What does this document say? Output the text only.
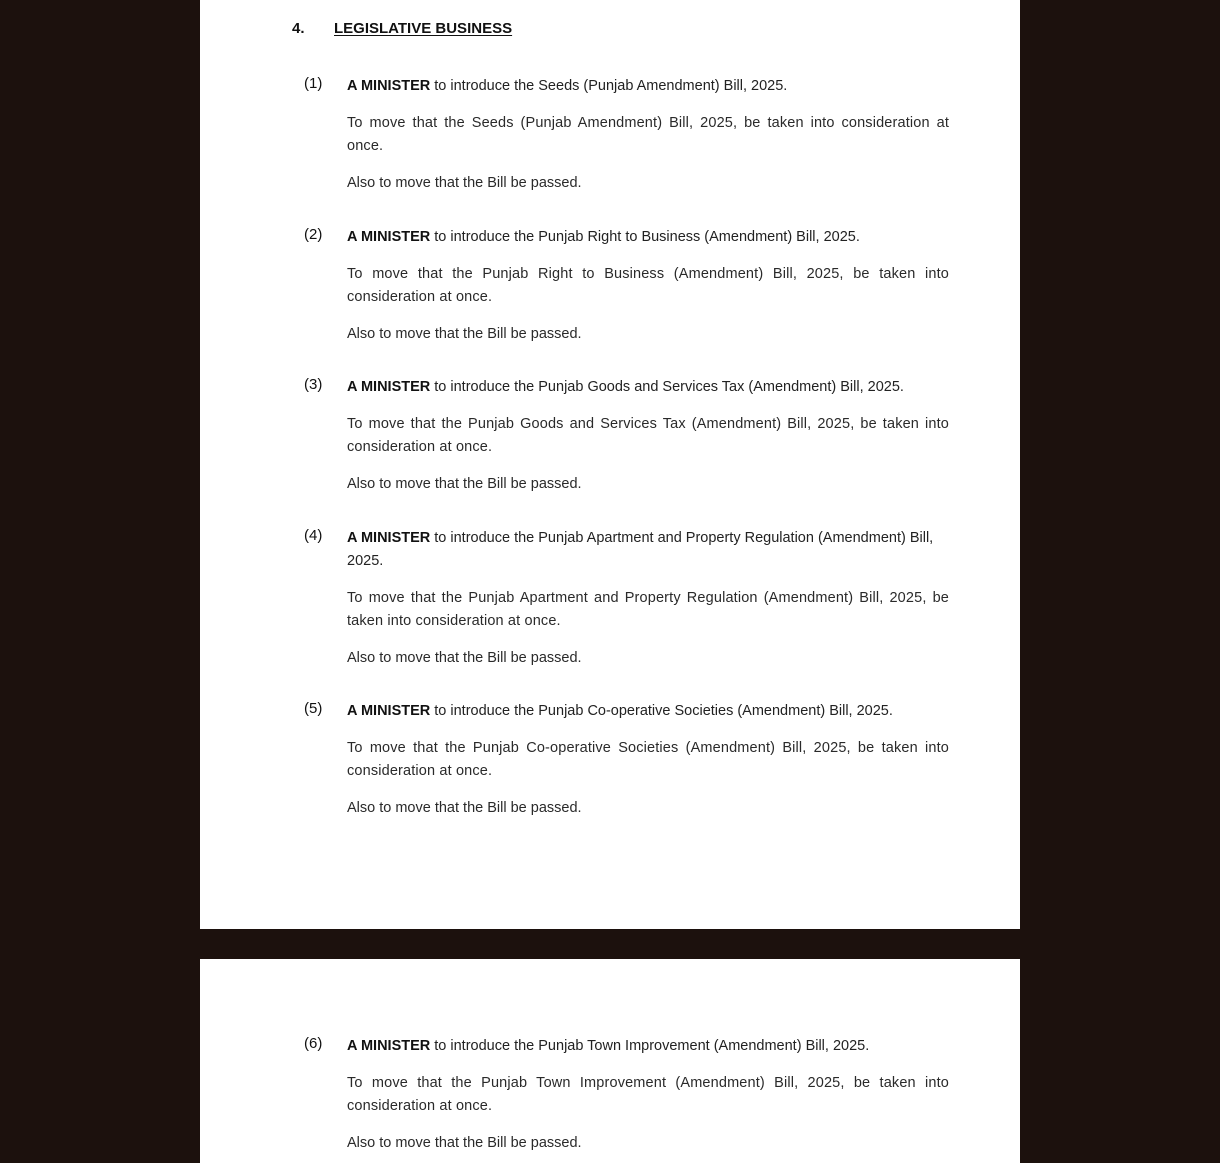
4.	LEGISLATIVE BUSINESS
(1) A MINISTER to introduce the Seeds (Punjab Amendment) Bill, 2025.

To move that the Seeds (Punjab Amendment) Bill, 2025, be taken into consideration at once.

Also to move that the Bill be passed.

(2) A MINISTER to introduce the Punjab Right to Business (Amendment) Bill, 2025.

To move that the Punjab Right to Business (Amendment) Bill, 2025, be taken into consideration at once.

Also to move that the Bill be passed.

(3) A MINISTER to introduce the Punjab Goods and Services Tax (Amendment) Bill, 2025.

To move that the Punjab Goods and Services Tax (Amendment) Bill, 2025, be taken into consideration at once.

Also to move that the Bill be passed.

(4) A MINISTER to introduce the Punjab Apartment and Property Regulation (Amendment) Bill, 2025.

To move that the Punjab Apartment and Property Regulation (Amendment) Bill, 2025, be taken into consideration at once.

Also to move that the Bill be passed.

(5) A MINISTER to introduce the Punjab Co-operative Societies (Amendment) Bill, 2025.

To move that the Punjab Co-operative Societies (Amendment) Bill, 2025, be taken into consideration at once.

Also to move that the Bill be passed.

(6) A MINISTER to introduce the Punjab Town Improvement (Amendment) Bill, 2025.

To move that the Punjab Town Improvement (Amendment) Bill, 2025, be taken into consideration at once.

Also to move that the Bill be passed.
